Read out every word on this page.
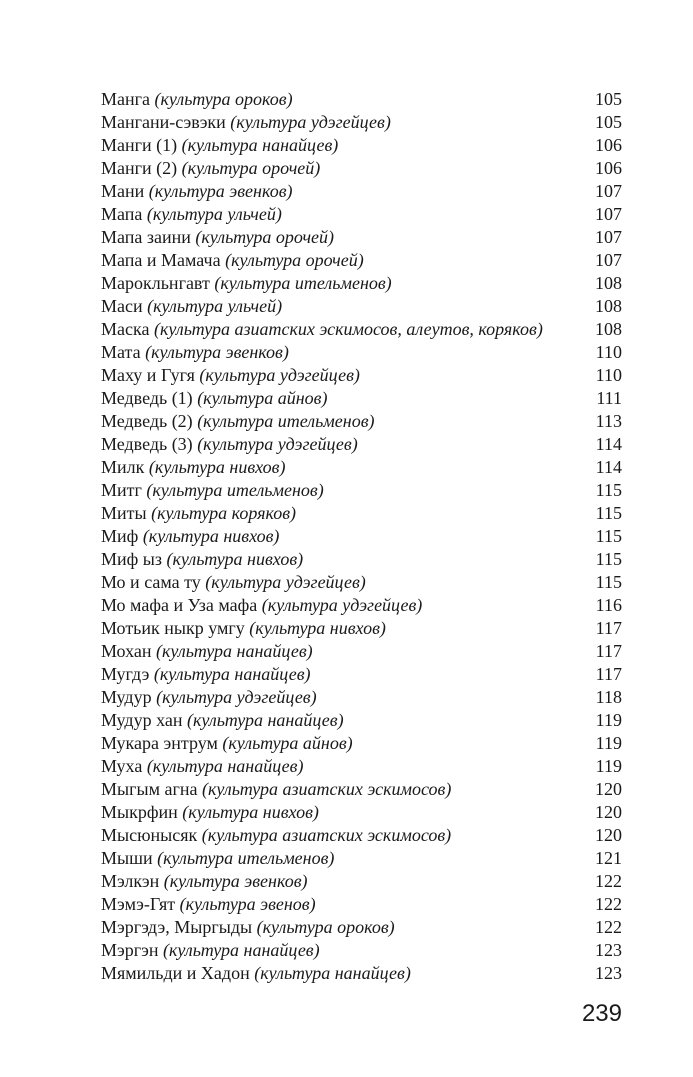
Манга (культура ороков)	105
Мангани-сэвэки (культура удэгейцев)	105
Манги (1) (культура нанайцев)	106
Манги (2) (культура орочей)	106
Мани (культура эвенков)	107
Мапа (культура ульчей)	107
Мапа заини (культура орочей)	107
Мапа и Мамача (культура орочей)	107
Марокльнгавт (культура ительменов)	108
Маси (культура ульчей)	108
Маска (культура азиатских эскимосов, алеутов, коряков)	108
Мата (культура эвенков)	110
Маху и Гугя (культура удэгейцев)	110
Медведь (1) (культура айнов)	111
Медведь (2) (культура ительменов)	113
Медведь (3) (культура удэгейцев)	114
Милк (культура нивхов)	114
Митг (культура ительменов)	115
Миты (культура коряков)	115
Миф (культура нивхов)	115
Миф ыз (культура нивхов)	115
Мо и сама ту (культура удэгейцев)	115
Мо мафа и Уза мафа (культура удэгейцев)	116
Мотьик ныкр умгу (культура нивхов)	117
Мохан (культура нанайцев)	117
Мугдэ (культура нанайцев)	117
Мудур (культура удэгейцев)	118
Мудур хан (культура нанайцев)	119
Мукара энтрум (культура айнов)	119
Муха (культура нанайцев)	119
Мыгым агна (культура азиатских эскимосов)	120
Мыкрфин (культура нивхов)	120
Мысюнысяк (культура азиатских эскимосов)	120
Мыши (культура ительменов)	121
Мэлкэн (культура эвенков)	122
Мэмэ-Гят (культура эвенов)	122
Мэргэдэ, Мыргыды (культура ороков)	122
Мэргэн (культура нанайцев)	123
Мямильди и Хадон (культура нанайцев)	123
239
